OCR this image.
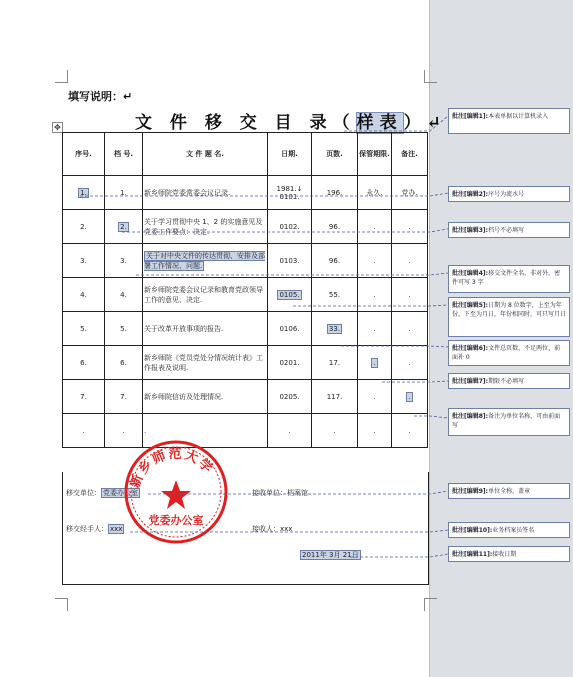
填写说明：↵
文 件 移 交 目 录（样表）↵
✥
序号.	档 号.	文 件 题 名.	日期.	页数.	保管期限.	备注.
1.	1.	新乡师院党委常委会议记录.	1981.↓ 0101.	196.	永久.	党办.
2.	2.	关于学习贯彻中央 1、2 的实施意见及党委工作要点：决定.	0102.	96.	.	.
3.	3.	关于对中央文件的传达贯彻、安排及部署工作情况、问题.	0103.	96.	.	.
4.	4.	新乡师院党委会议记录和教育党政领导工作的意见、决定.	0105.	55.	.	.
5.	5.	关于改革开放事项的报告.	0106.	33.	.	.
6.	6.	新乡师院《党员党处分情况统计表》工作报表及说明.	0201.	17.	.	.
7.	7.	新乡师院信访及处理情况.	0205.	117.	.	.
.	.	.	.	.	.	.
移交单位： 党委办公室	接收单位：档案馆
移交经手人： xxx	接收人：xxx
2011年 3月 21日
新乡师范大学
党委办公室
批注[编辑1]:本表单据以计算机录入
批注[编辑2]:序号为流水号
批注[编辑3]:档号不必填写
批注[编辑4]:移交文件全名，非对外、密件可写 3 字
批注[编辑5]:日期为 8 位数字，上至为年份，下至为月日，年份相同时，可只写月日
批注[编辑6]:文件总页数，不足两位，前面补 0
批注[编辑7]:期限不必填写
批注[编辑8]:备注为单位名称，可由前面写
批注[编辑9]:单位全称，盖章
批注[编辑10]:业务档案员签名
批注[编辑11]:接收日期
